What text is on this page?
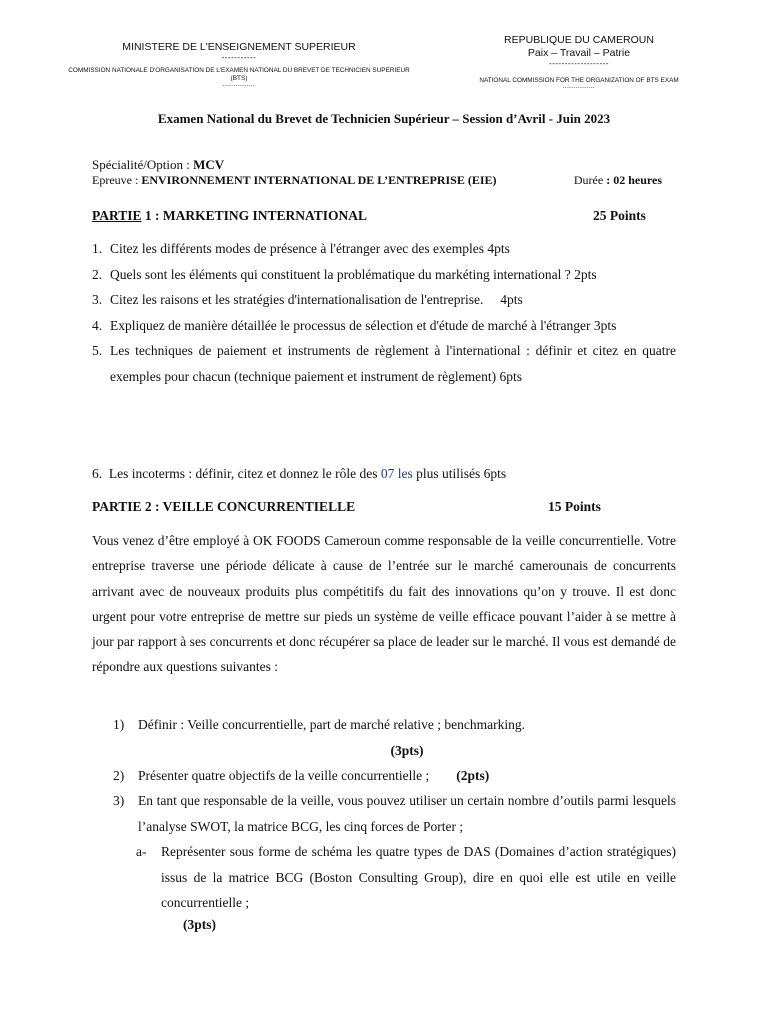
MINISTERE DE L'ENSEIGNEMENT SUPERIEUR
-----------
COMMISSION NATIONALE D'ORGANISATION DE L'EXAMEN NATIONAL DU BREVET DE TECHNICIEN SUPERIEUR
(BTS)
---------------
REPUBLIQUE DU CAMEROUN
Paix – Travail – Patrie
-------------------
NATIONAL COMMISSION FOR THE ORGANIZATION OF BTS EXAM
---------------
Examen National du Brevet de Technicien Supérieur – Session d’Avril - Juin 2023
Spécialité/Option : MCV
Epreuve : ENVIRONNEMENT INTERNATIONAL DE L’ENTREPRISE (EIE)	Durée : 02 heures
PARTIE 1 : MARKETING INTERNATIONAL	25 Points
1. Citez les différents modes de présence à l'étranger avec des exemples 4pts
2. Quels sont les éléments qui constituent la problématique du markéting international ? 2pts
3. Citez les raisons et les stratégies d'internationalisation de l'entreprise.     4pts
4. Expliquez de manière détaillée le processus de sélection et d'étude de marché à l'étranger 3pts
5. Les techniques de paiement et instruments de règlement à l'international : définir et citez en quatre exemples pour chacun (technique paiement et instrument de règlement) 6pts
6. Les incoterms : définir, citez et donnez le rôle des 07 les plus utilisés 6pts
PARTIE 2 : VEILLE CONCURRENTIELLE	15 Points
Vous venez d’être employé à OK FOODS Cameroun comme responsable de la veille concurrentielle. Votre entreprise traverse une période délicate à cause de l’entrée sur le marché camerounais de concurrents arrivant avec de nouveaux produits plus compétitifs du fait des innovations qu’on y trouve. Il est donc urgent pour votre entreprise de mettre sur pieds un système de veille efficace pouvant l’aider à se mettre à jour par rapport à ses concurrents et donc récupérer sa place de leader sur le marché. Il vous est demandé de répondre aux questions suivantes :
1)	Définir : Veille concurrentielle, part de marché relative ; benchmarking.
(3pts)
2)	Présenter quatre objectifs de la veille concurrentielle ; (2pts)
3)	En tant que responsable de la veille, vous pouvez utiliser un certain nombre d’outils parmi lesquels l’analyse SWOT, la matrice BCG, les cinq forces de Porter ;
a-	Représenter sous forme de schéma les quatre types de DAS (Domaines d’action stratégiques) issus de la matrice BCG (Boston Consulting Group), dire en quoi elle est utile en veille concurrentielle ;
(3pts)
